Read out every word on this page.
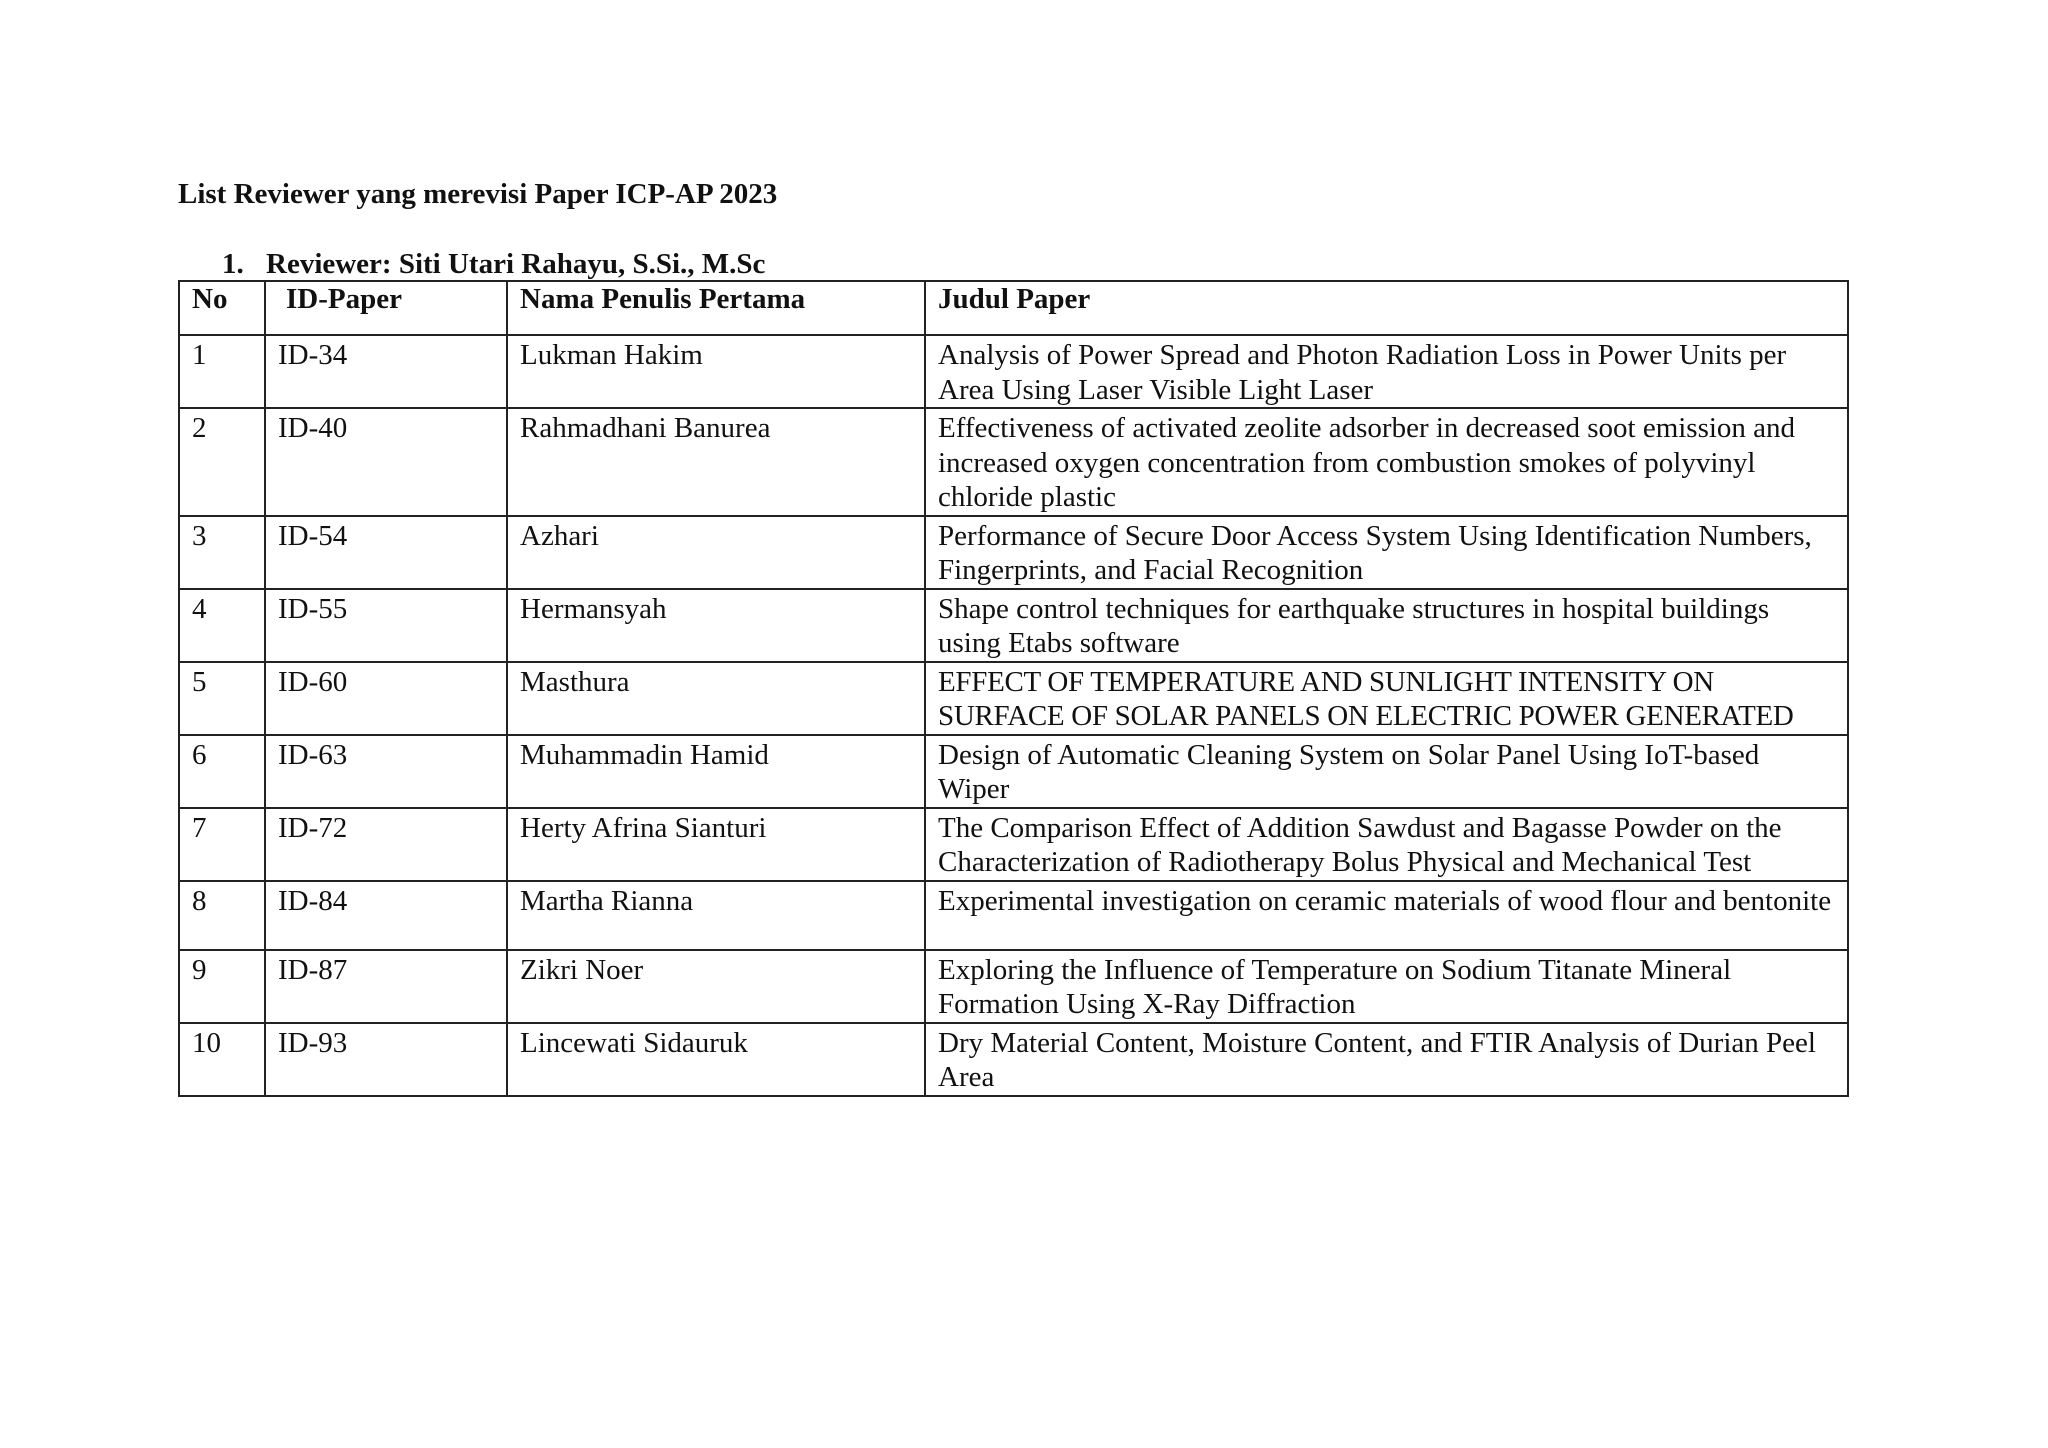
List Reviewer yang merevisi Paper ICP-AP 2023
1. Reviewer: Siti Utari Rahayu, S.Si., M.Sc
No	ID-Paper	Nama Penulis Pertama	Judul Paper
1	ID-34	Lukman Hakim	Analysis of Power Spread and Photon Radiation Loss in Power Units per Area Using Laser Visible Light Laser
2	ID-40	Rahmadhani Banurea	Effectiveness of activated zeolite adsorber in decreased soot emission and increased oxygen concentration from combustion smokes of polyvinyl chloride plastic
3	ID-54	Azhari	Performance of Secure Door Access System Using Identification Numbers, Fingerprints, and Facial Recognition
4	ID-55	Hermansyah	Shape control techniques for earthquake structures in hospital buildings using Etabs software
5	ID-60	Masthura	EFFECT OF TEMPERATURE AND SUNLIGHT INTENSITY ON SURFACE OF SOLAR PANELS ON ELECTRIC POWER GENERATED
6	ID-63	Muhammadin Hamid	Design of Automatic Cleaning System on Solar Panel Using IoT-based Wiper
7	ID-72	Herty Afrina Sianturi	The Comparison Effect of Addition Sawdust and Bagasse Powder on the Characterization of Radiotherapy Bolus Physical and Mechanical Test
8	ID-84	Martha Rianna	Experimental investigation on ceramic materials of wood flour and bentonite
9	ID-87	Zikri Noer	Exploring the Influence of Temperature on Sodium Titanate Mineral Formation Using X-Ray Diffraction
10	ID-93	Lincewati Sidauruk	Dry Material Content, Moisture Content, and FTIR Analysis of Durian Peel Area
